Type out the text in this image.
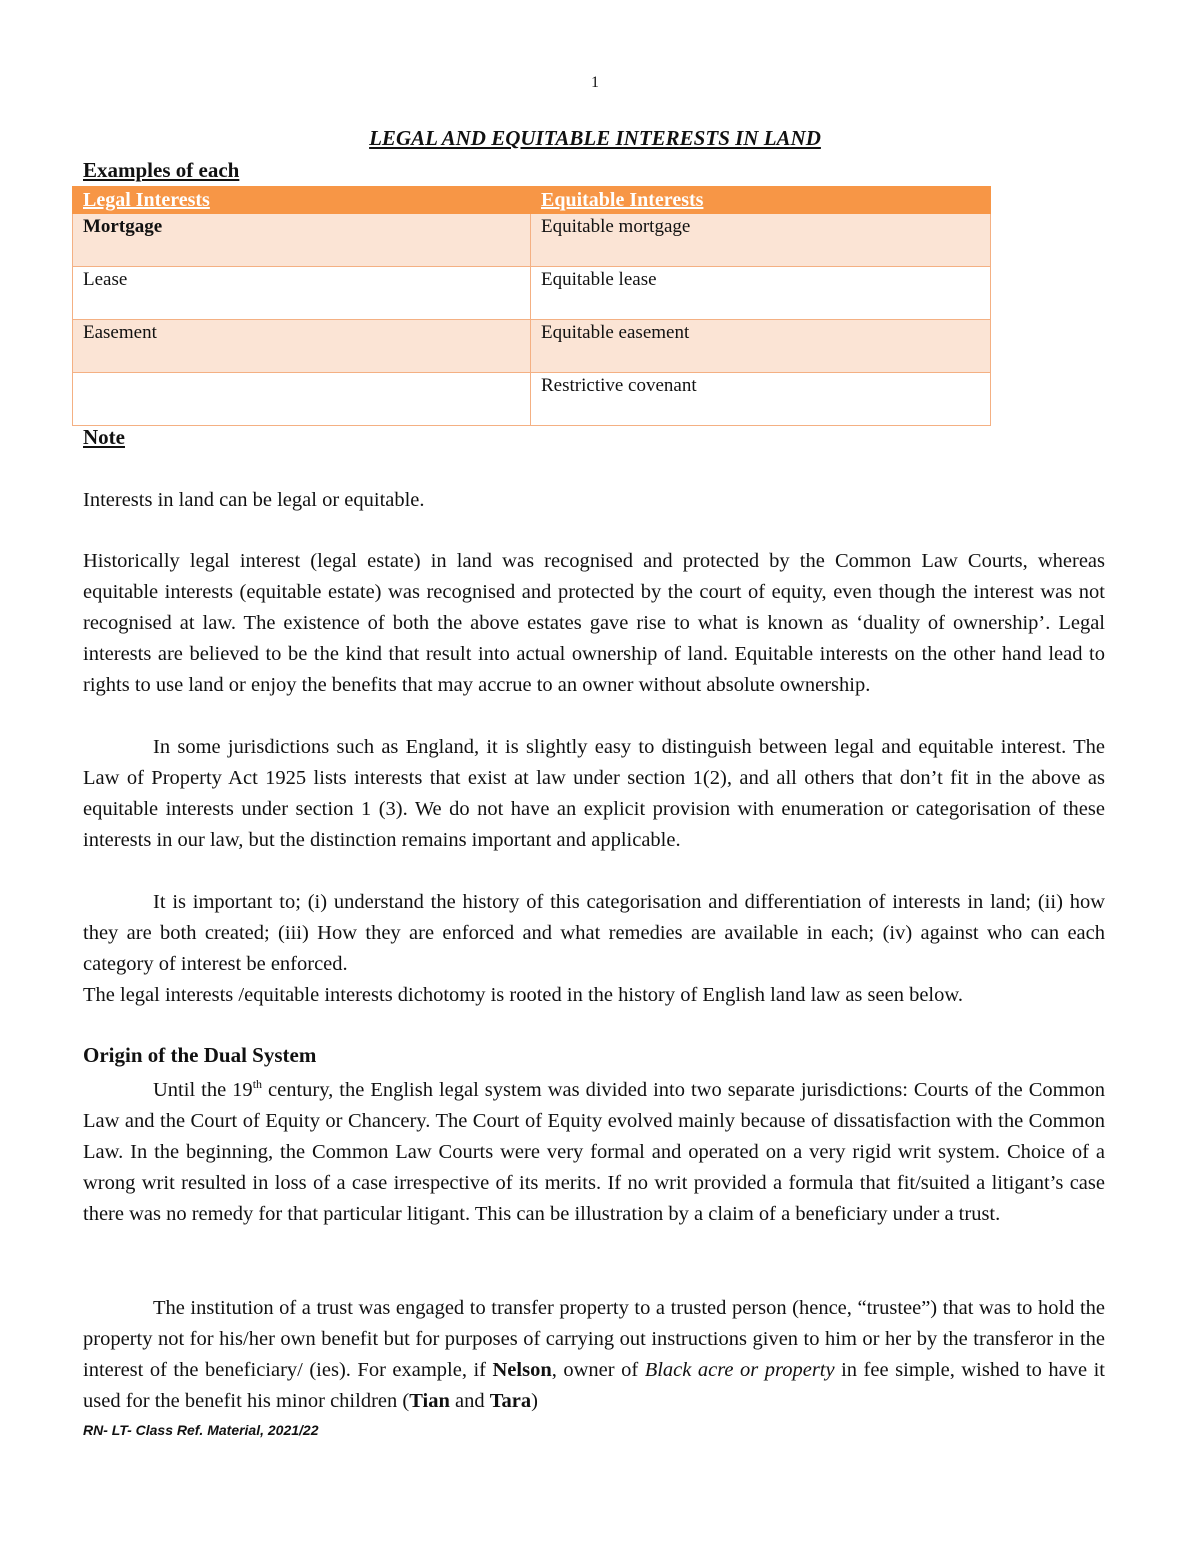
1
LEGAL AND EQUITABLE INTERESTS IN LAND
Examples of each
Legal Interests	Equitable Interests
Mortgage	Equitable mortgage
Lease	Equitable lease
Easement	Equitable easement
	Restrictive covenant
Note
Interests in land can be legal or equitable.
Historically legal interest (legal estate) in land was recognised and protected by the Common Law Courts, whereas equitable interests (equitable estate) was recognised and protected by the court of equity, even though the interest was not recognised at law. The existence of both the above estates gave rise to what is known as ‘duality of ownership’. Legal interests are believed to be the kind that result into actual ownership of land. Equitable interests on the other hand lead to rights to use land or enjoy the benefits that may accrue to an owner without absolute ownership.
In some jurisdictions such as England, it is slightly easy to distinguish between legal and equitable interest. The Law of Property Act 1925 lists interests that exist at law under section 1(2), and all others that don’t fit in the above as equitable interests under section 1 (3). We do not have an explicit provision with enumeration or categorisation of these interests in our law, but the distinction remains important and applicable.
It is important to; (i) understand the history of this categorisation and differentiation of interests in land; (ii) how they are both created; (iii) How they are enforced and what remedies are available in each; (iv) against who can each category of interest be enforced.
The legal interests /equitable interests dichotomy is rooted in the history of English land law as seen below.
Origin of the Dual System
Until the 19th century, the English legal system was divided into two separate jurisdictions: Courts of the Common Law and the Court of Equity or Chancery. The Court of Equity evolved mainly because of dissatisfaction with the Common Law. In the beginning, the Common Law Courts were very formal and operated on a very rigid writ system. Choice of a wrong writ resulted in loss of a case irrespective of its merits. If no writ provided a formula that fit/suited a litigant’s case there was no remedy for that particular litigant. This can be illustration by a claim of a beneficiary under a trust.
The institution of a trust was engaged to transfer property to a trusted person (hence, “trustee”) that was to hold the property not for his/her own benefit but for purposes of carrying out instructions given to him or her by the transferor in the interest of the beneficiary/ (ies). For example, if Nelson, owner of Black acre or property in fee simple, wished to have it used for the benefit his minor children (Tian and Tara)
RN- LT- Class Ref. Material, 2021/22
